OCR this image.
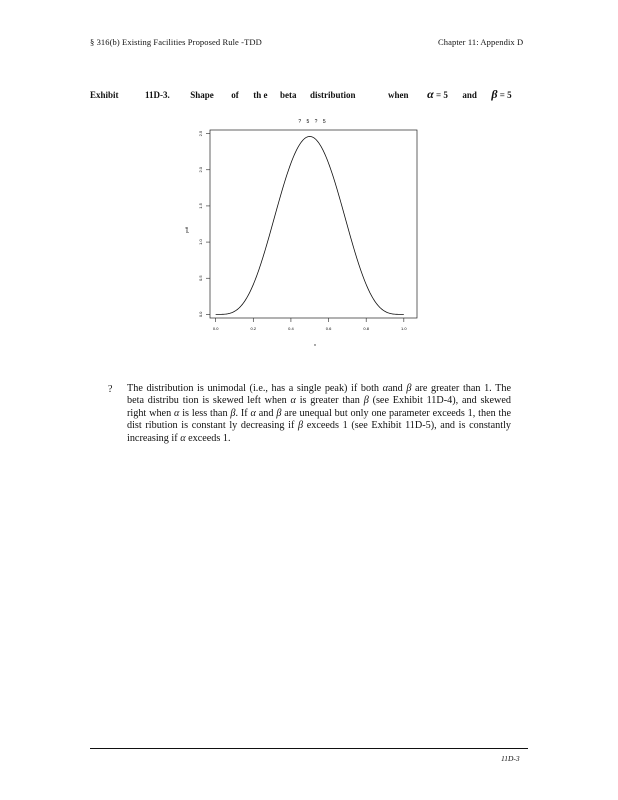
§ 316(b) Existing Facilities Proposed Rule -TDD	Chapter 11: Appendix D
Exhibit	11D-3. Shape of th e beta distribution	when α = 5 and β = 5
? 5 ? 5
0.0	0.2	0.4	0.6	0.8	1.0
0.0
0.5
1.0
1.5
2.0
2.5
x
pdf
? The distribution is unimodal (i.e., has a single peak) if both αand β are greater than 1. The beta distribu tion is skewed left when α is greater than β (see Exhibit 11D-4), and skewed right when α is less than β. If α and β are unequal but only one parameter exceeds 1, then the dist ribution is constant ly decreasing if β exceeds 1 (see Exhibit 11D-5), and is constantly increasing if α exceeds 1.
11D-3
